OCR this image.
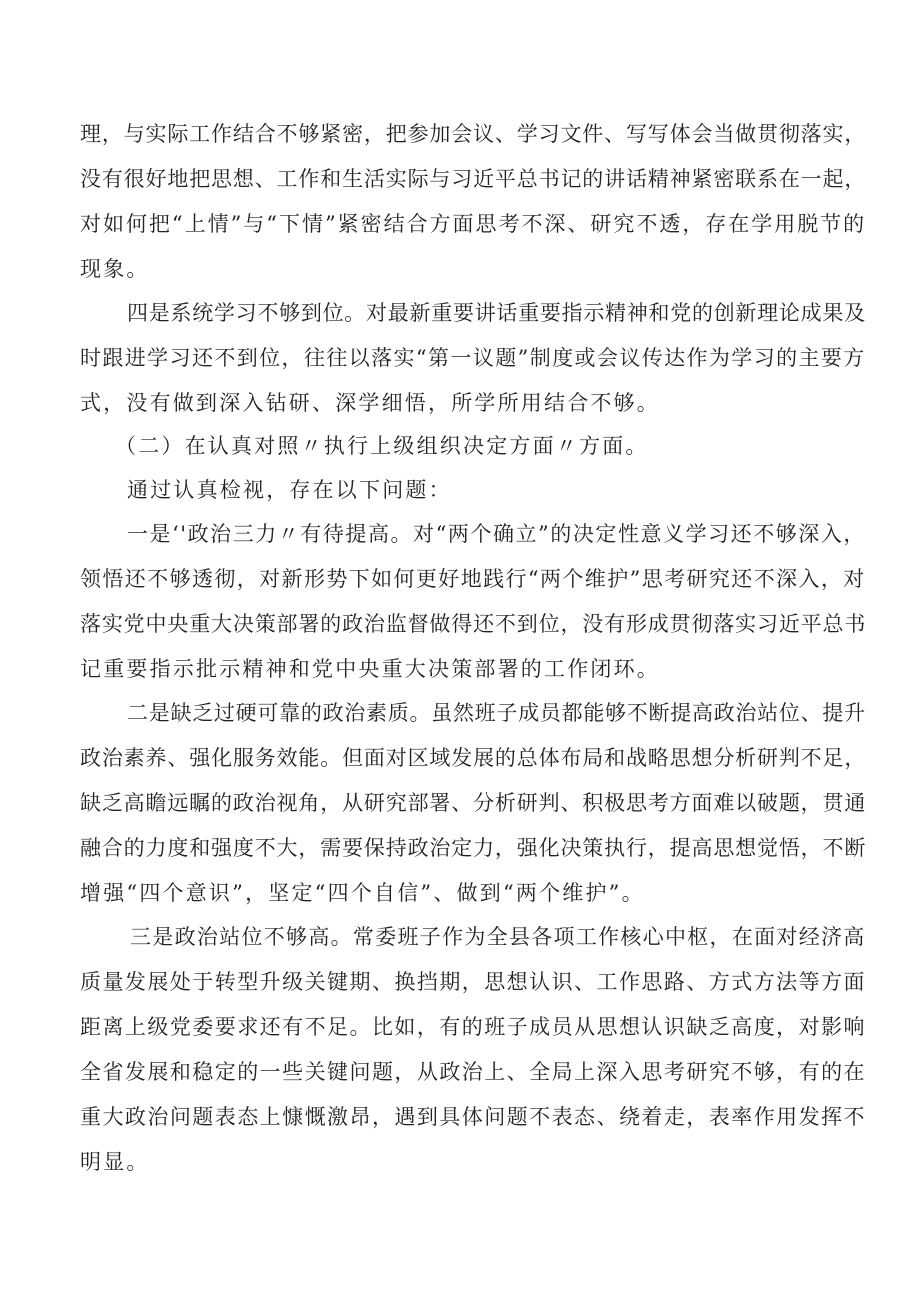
理，与实际工作结合不够紧密，把参加会议、学习文件、写写体会当做贯彻落实，
没有很好地把思想、工作和生活实际与习近平总书记的讲话精神紧密联系在一起，
对如何把“上情”与“下情”紧密结合方面思考不深、研究不透，存在学用脱节的
现象。
四是系统学习不够到位。对最新重要讲话重要指示精神和党的创新理论成果及
时跟进学习还不到位，往往以落实“第一议题”制度或会议传达作为学习的主要方
式，没有做到深入钻研、深学细悟，所学所用结合不够。
（二）在认真对照〃执行上级组织决定方面〃方面。
通过认真检视，存在以下问题：
一是‘'政治三力〃有待提高。对“两个确立”的决定性意义学习还不够深入，
领悟还不够透彻，对新形势下如何更好地践行“两个维护”思考研究还不深入，对
落实党中央重大决策部署的政治监督做得还不到位，没有形成贯彻落实习近平总书
记重要指示批示精神和党中央重大决策部署的工作闭环。
二是缺乏过硬可靠的政治素质。虽然班子成员都能够不断提高政治站位、提升
政治素养、强化服务效能。但面对区域发展的总体布局和战略思想分析研判不足，
缺乏高瞻远瞩的政治视角，从研究部署、分析研判、积极思考方面难以破题，贯通
融合的力度和强度不大，需要保持政治定力，强化决策执行，提高思想觉悟，不断
增强“四个意识”，坚定“四个自信”、做到“两个维护”。
三是政治站位不够高。常委班子作为全县各项工作核心中枢，在面对经济高
质量发展处于转型升级关键期、换挡期，思想认识、工作思路、方式方法等方面
距离上级党委要求还有不足。比如，有的班子成员从思想认识缺乏高度，对影响
全省发展和稳定的一些关键问题，从政治上、全局上深入思考研究不够，有的在
重大政治问题表态上慷慨激昂，遇到具体问题不表态、绕着走，表率作用发挥不
明显。
